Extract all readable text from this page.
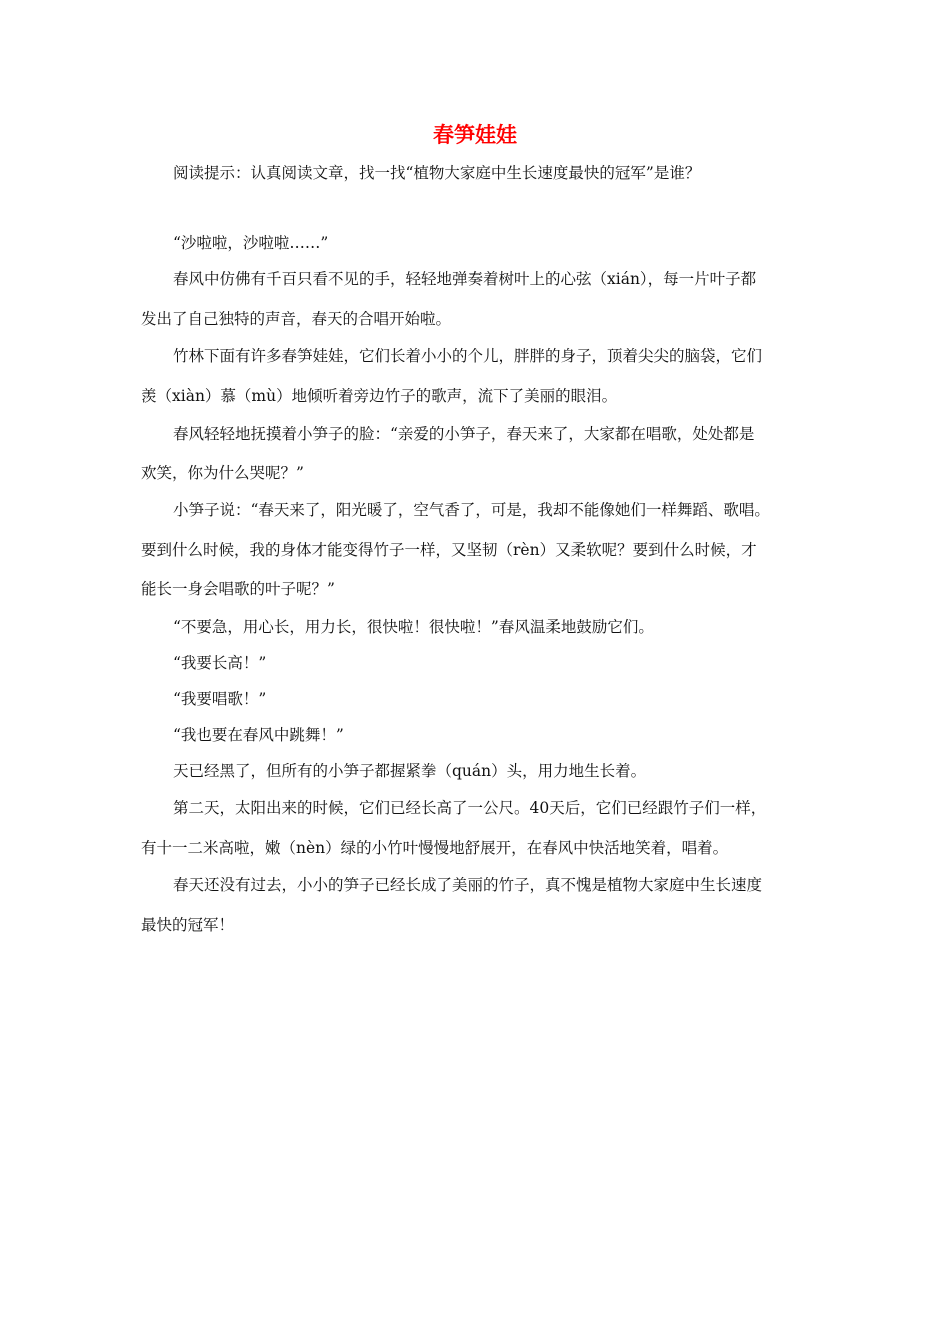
春笋娃娃
阅读提示：认真阅读文章，找一找“植物大家庭中生长速度最快的冠军”是谁？
“沙啦啦，沙啦啦……”
春风中仿佛有千百只看不见的手，轻轻地弹奏着树叶上的心弦（xián），每一片叶子都
发出了自己独特的声音，春天的合唱开始啦。
竹林下面有许多春笋娃娃，它们长着小小的个儿，胖胖的身子，顶着尖尖的脑袋，它们
羡（xiàn）慕（mù）地倾听着旁边竹子的歌声，流下了美丽的眼泪。
春风轻轻地抚摸着小笋子的脸：“亲爱的小笋子，春天来了，大家都在唱歌，处处都是
欢笑，你为什么哭呢？”
小笋子说：“春天来了，阳光暖了，空气香了，可是，我却不能像她们一样舞蹈、歌唱。
要到什么时候，我的身体才能变得竹子一样，又坚韧（rèn）又柔软呢？要到什么时候，才
能长一身会唱歌的叶子呢？”
“不要急，用心长，用力长，很快啦！很快啦！”春风温柔地鼓励它们。
“我要长高！”
“我要唱歌！”
“我也要在春风中跳舞！”
天已经黑了，但所有的小笋子都握紧拳（quán）头，用力地生长着。
第二天，太阳出来的时候，它们已经长高了一公尺。40天后，它们已经跟竹子们一样，
有十一二米高啦，嫩（nèn）绿的小竹叶慢慢地舒展开，在春风中快活地笑着，唱着。
春天还没有过去，小小的笋子已经长成了美丽的竹子，真不愧是植物大家庭中生长速度
最快的冠军！
